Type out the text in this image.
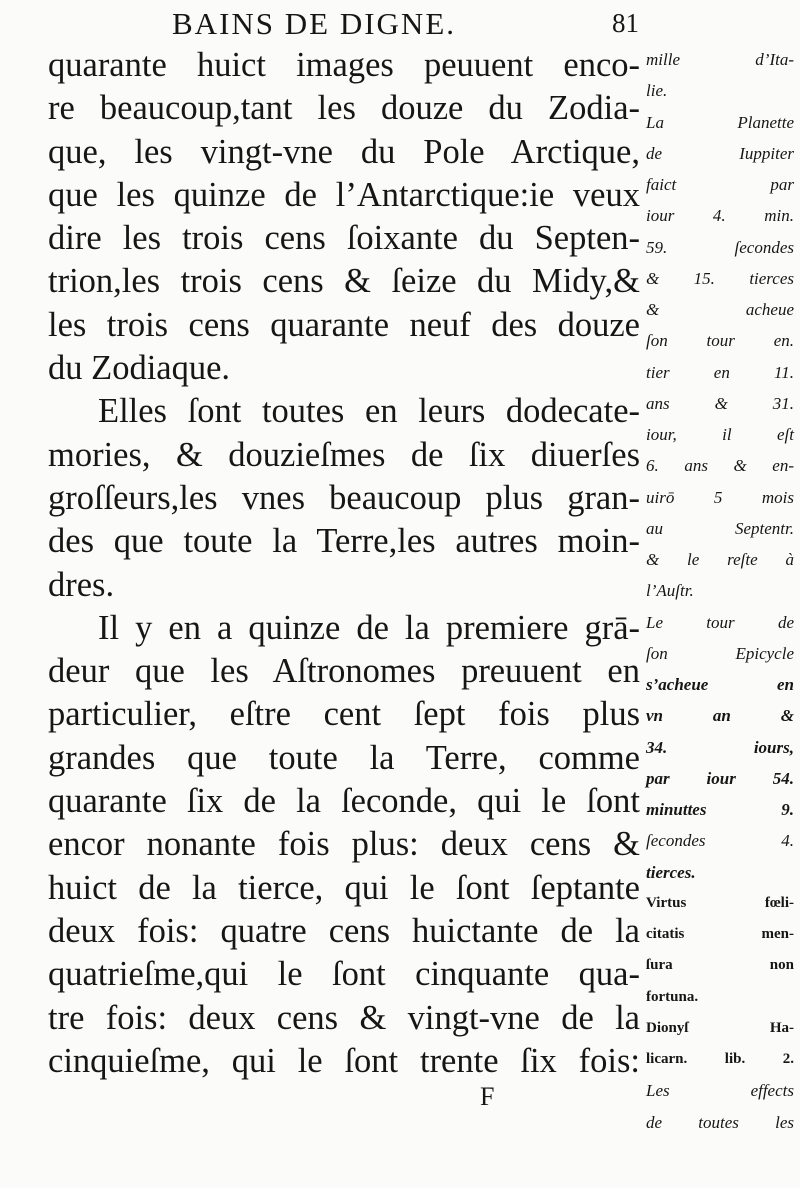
BAINS DE DIGNE.	81
quarante huict images peuuent enco-
re beaucoup,tant les douze du Zodia-
que, les vingt-vne du Pole Arctique,
que les quinze de l’Antarctique:ie veux
dire les trois cens ſoixante du Septen-
trion,les trois cens & ſeize du Midy,&
les trois cens quarante neuf des douze
du Zodiaque.
Elles ſont toutes en leurs dodecate-
mories, & douzieſmes de ſix diuerſes
groſſeurs,les vnes beaucoup plus gran-
des que toute la Terre,les autres moin-
dres.
Il y en a quinze de la premiere grā-
deur que les Aſtronomes preuuent en
particulier, eſtre cent ſept fois plus
grandes que toute la Terre, comme
quarante ſix de la ſeconde, qui le ſont
encor nonante fois plus: deux cens &
huict de la tierce, qui le ſont ſeptante
deux fois: quatre cens huictante de la
quatrieſme,qui le ſont cinquante qua-
tre fois: deux cens & vingt-vne de la
cinquieſme, qui le ſont trente ſix fois:
mille d’Ita-
lie.
La Planette
de Iuppiter
faict par
iour 4. min.
59. ſecondes
& 15. tierces
& acheue
ſon tour en.
tier en 11.
ans & 31.
iour, il eſt
6. ans & en-
uirō 5 mois
au Septentr.
& le reſte à
l’Auſtr.
Le tour de
ſon Epicycle
s’acheue en
vn an &
34. iours,
par iour 54.
minuttes 9.
ſecondes 4.
tierces.
Virtus fœli-
citatis men-
ſura non
fortuna.
Dionyſ Ha-
licarn. lib. 2.
Les effects
de toutes les
F
